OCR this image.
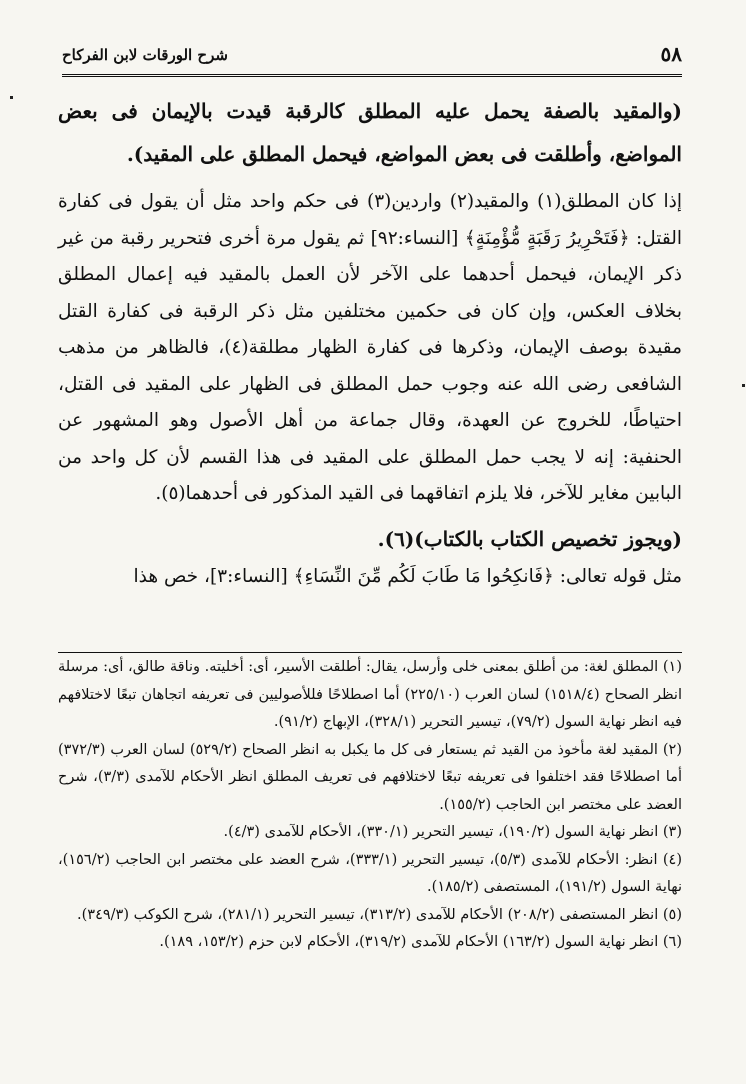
٥٨
شرح الورقات لابن الفركاح

(والمقيد بالصفة يحمل عليه المطلق كالرقبة قيدت بالإيمان فى بعض المواضع، وأطلقت فى بعض المواضع، فيحمل المطلق على المقيد).

إذا كان المطلق(١) والمقيد(٢) واردين(٣) فى حكم واحد مثل أن يقول فى كفارة القتل: ﴿فَتَحْرِيرُ رَقَبَةٍ مُّؤْمِنَةٍ﴾ [النساء:٩٢] ثم يقول مرة أخرى فتحرير رقبة من غير ذكر الإيمان، فيحمل أحدهما على الآخر لأن العمل بالمقيد فيه إعمال المطلق بخلاف العكس، وإن كان فى حكمين مختلفين مثل ذكر الرقبة فى كفارة القتل مقيدة بوصف الإيمان، وذكرها فى كفارة الظهار مطلقة(٤)، فالظاهر من مذهب الشافعى رضى الله عنه وجوب حمل المطلق فى الظهار على المقيد فى القتل، احتياطًا، للخروج عن العهدة، وقال جماعة من أهل الأصول وهو المشهور عن الحنفية: إنه لا يجب حمل المطلق على المقيد فى هذا القسم لأن كل واحد من البابين مغاير للآخر، فلا يلزم اتفاقهما فى القيد المذكور فى أحدهما(٥).

(ويجوز تخصيص الكتاب بالكتاب)(٦).

مثل قوله تعالى: ﴿فَانكِحُوا مَا طَابَ لَكُم مِّنَ النِّسَاءِ﴾ [النساء:٣]، خص هذا

(١) المطلق لغة: من أطلق بمعنى خلى وأرسل، يقال: أطلقت الأسير، أى: أخليته. وناقة طالق، أى: مرسلة انظر الصحاح (١٥١٨/٤) لسان العرب (٢٢٥/١٠) أما اصطلاحًا فللأصوليين فى تعريفه اتجاهان تبعًا لاختلافهم فيه انظر نهاية السول (٧٩/٢)، تيسير التحرير (٣٢٨/١)، الإبهاج (٩١/٢).

(٢) المقيد لغة مأخوذ من القيد ثم يستعار فى كل ما يكبل به انظر الصحاح (٥٢٩/٢) لسان العرب (٣٧٢/٣) أما اصطلاحًا فقد اختلفوا فى تعريفه تبعًا لاختلافهم فى تعريف المطلق انظر الأحكام للآمدى (٣/٣)، شرح العضد على مختصر ابن الحاجب (١٥٥/٢).

(٣) انظر نهاية السول (١٩٠/٢)، تيسير التحرير (٣٣٠/١)، الأحكام للآمدى (٤/٣).

(٤) انظر: الأحكام للآمدى (٥/٣)، تيسير التحرير (٣٣٣/١)، شرح العضد على مختصر ابن الحاجب (١٥٦/٢)، نهاية السول (١٩١/٢)، المستصفى (١٨٥/٢).

(٥) انظر المستصفى (٢٠٨/٢) الأحكام للآمدى (٣١٣/٢)، تيسير التحرير (٢٨١/١)، شرح الكوكب (٣٤٩/٣).

(٦) انظر نهاية السول (١٦٣/٢) الأحكام للآمدى (٣١٩/٢)، الأحكام لابن حزم (١٥٣/٢، ١٨٩).
